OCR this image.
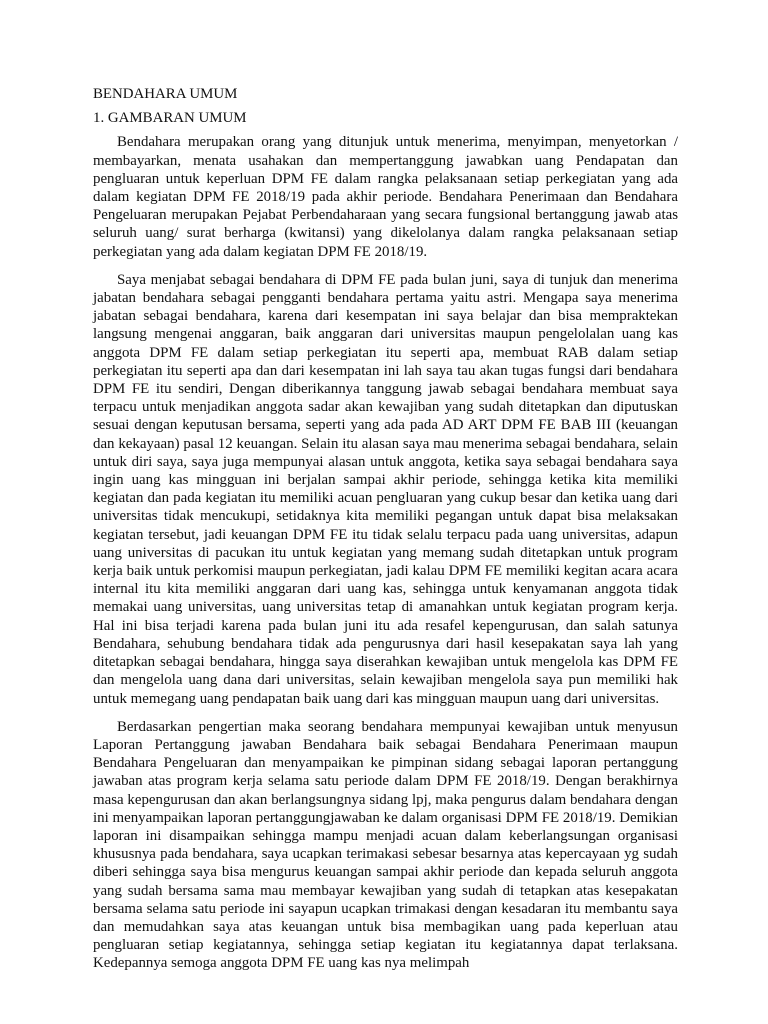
BENDAHARA UMUM
1. GAMBARAN UMUM

Bendahara merupakan orang yang ditunjuk untuk menerima, menyimpan, menyetorkan / membayarkan, menata usahakan dan mempertanggung jawabkan uang Pendapatan dan pengluaran untuk keperluan DPM FE dalam rangka pelaksanaan setiap perkegiatan yang ada dalam kegiatan DPM FE 2018/19 pada akhir periode. Bendahara Penerimaan dan Bendahara Pengeluaran merupakan Pejabat Perbendaharaan yang secara fungsional bertanggung jawab atas seluruh uang/ surat berharga (kwitansi) yang dikelolanya dalam rangka pelaksanaan setiap perkegiatan yang ada dalam kegiatan DPM FE 2018/19.

Saya menjabat sebagai bendahara di DPM FE pada bulan juni, saya di tunjuk dan menerima jabatan bendahara sebagai pengganti bendahara pertama yaitu astri. Mengapa saya menerima jabatan sebagai bendahara, karena dari kesempatan ini saya belajar dan bisa mempraktekan langsung mengenai anggaran, baik anggaran dari universitas maupun pengelolalan uang kas anggota DPM FE dalam setiap perkegiatan itu seperti apa, membuat RAB dalam setiap perkegiatan itu seperti apa dan dari kesempatan ini lah saya tau akan tugas fungsi dari bendahara DPM FE itu sendiri, Dengan diberikannya tanggung jawab sebagai bendahara membuat saya terpacu untuk menjadikan anggota sadar akan kewajiban yang sudah ditetapkan dan diputuskan sesuai dengan keputusan bersama, seperti yang ada pada AD ART DPM FE BAB III (keuangan dan kekayaan) pasal 12 keuangan. Selain itu alasan saya mau menerima sebagai bendahara, selain untuk diri saya, saya juga mempunyai alasan untuk anggota, ketika saya sebagai bendahara saya ingin uang kas mingguan ini berjalan sampai akhir periode, sehingga ketika kita memiliki kegiatan dan pada kegiatan itu memiliki acuan pengluaran yang cukup besar dan ketika uang dari universitas tidak mencukupi, setidaknya kita memiliki pegangan untuk dapat bisa melaksakan kegiatan tersebut, jadi keuangan DPM FE itu tidak selalu terpacu pada uang universitas, adapun uang universitas di pacukan itu untuk kegiatan yang memang sudah ditetapkan untuk program kerja baik untuk perkomisi maupun perkegiatan, jadi kalau DPM FE memiliki kegitan acara acara internal itu kita memiliki anggaran dari uang kas, sehingga untuk kenyamanan anggota tidak memakai uang universitas, uang universitas tetap di amanahkan untuk kegiatan program kerja. Hal ini bisa terjadi karena pada bulan juni itu ada resafel kepengurusan, dan salah satunya Bendahara, sehubung bendahara tidak ada pengurusnya dari hasil kesepakatan saya lah yang ditetapkan sebagai bendahara, hingga saya diserahkan kewajiban untuk mengelola kas DPM FE dan mengelola uang dana dari universitas, selain kewajiban mengelola saya pun memiliki hak untuk memegang uang pendapatan baik uang dari kas mingguan maupun uang dari universitas.

Berdasarkan pengertian maka seorang bendahara mempunyai kewajiban untuk menyusun Laporan Pertanggung jawaban Bendahara baik sebagai Bendahara Penerimaan maupun Bendahara Pengeluaran dan menyampaikan ke pimpinan sidang sebagai laporan pertanggung jawaban atas program kerja selama satu periode dalam DPM FE 2018/19. Dengan berakhirnya masa kepengurusan dan akan berlangsungnya sidang lpj, maka pengurus dalam bendahara dengan ini menyampaikan laporan pertanggungjawaban ke dalam organisasi DPM FE 2018/19. Demikian laporan ini disampaikan sehingga mampu menjadi acuan dalam keberlangsungan organisasi khususnya pada bendahara, saya ucapkan terimakasi sebesar besarnya atas kepercayaan yg sudah diberi sehingga saya bisa mengurus keuangan sampai akhir periode dan kepada seluruh anggota yang sudah bersama sama mau membayar kewajiban yang sudah di tetapkan atas kesepakatan bersama selama satu periode ini sayapun ucapkan trimakasi dengan kesadaran itu membantu saya dan memudahkan saya atas keuangan untuk bisa membagikan uang pada keperluan atau pengluaran setiap kegiatannya, sehingga setiap kegiatan itu kegiatannya dapat terlaksana. Kedepannya semoga anggota DPM FE uang kas nya melimpah
